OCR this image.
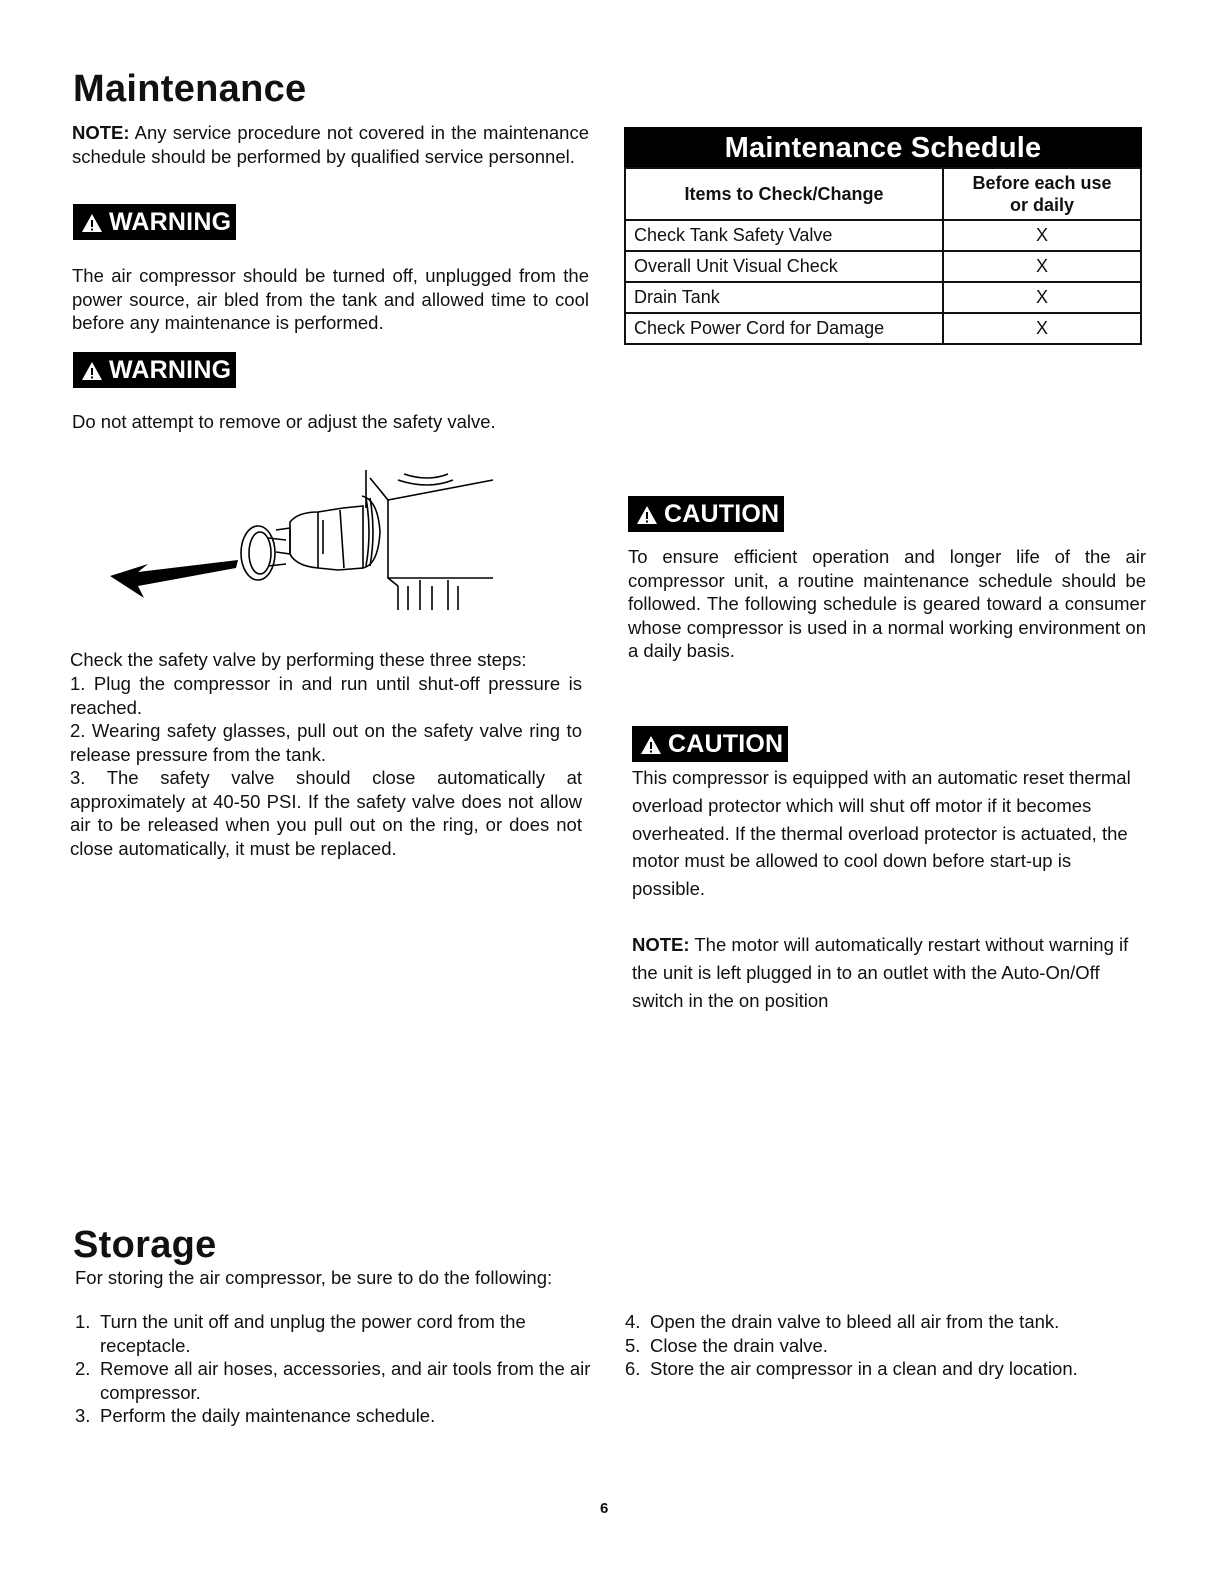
Maintenance

NOTE: Any service procedure not covered in the maintenance schedule should be performed by qualified service personnel.

WARNING

The air compressor should be turned off, unplugged from the power source, air bled from the tank and allowed time to cool before any maintenance is performed.

WARNING

Do not attempt to remove or adjust the safety valve.

Check the safety valve by performing these three steps:

1. Plug the compressor in and run until shut-off pressure is reached.
2. Wearing safety glasses, pull out on the safety valve ring to release pressure from the tank.
3. The safety valve should close automatically at approximately at 40-50 PSI. If the safety valve does not allow air to be released when you pull out on the ring, or does not close automatically, it must be replaced.
Maintenance Schedule
Items to Check/Change	Before each use
or daily
Check Tank Safety Valve	X
Overall Unit Visual Check	X
Drain Tank	X
Check Power Cord for Damage	X
CAUTION

To ensure efficient operation and longer life of the air compressor unit, a routine maintenance schedule should be followed. The following schedule is geared toward a consumer whose compressor is used in a normal working environment on a daily basis.

CAUTION

This compressor is equipped with an automatic reset thermal overload protector which will shut off motor if it becomes overheated. If the thermal overload protector is actuated, the motor must be allowed to cool down before start-up is possible.

NOTE: The motor will automatically restart without warning if the unit is left plugged in to an outlet with the Auto-On/Off switch in the on position

Storage

For storing the air compressor, be sure to do the following:

1. Turn the unit off and unplug the power cord from the receptacle.
2. Remove all air hoses, accessories, and air tools from the air compressor.
3. Perform the daily maintenance schedule.
4. Open the drain valve to bleed all air from the tank.
5. Close the drain valve.
6. Store the air compressor in a clean and dry location.
6
